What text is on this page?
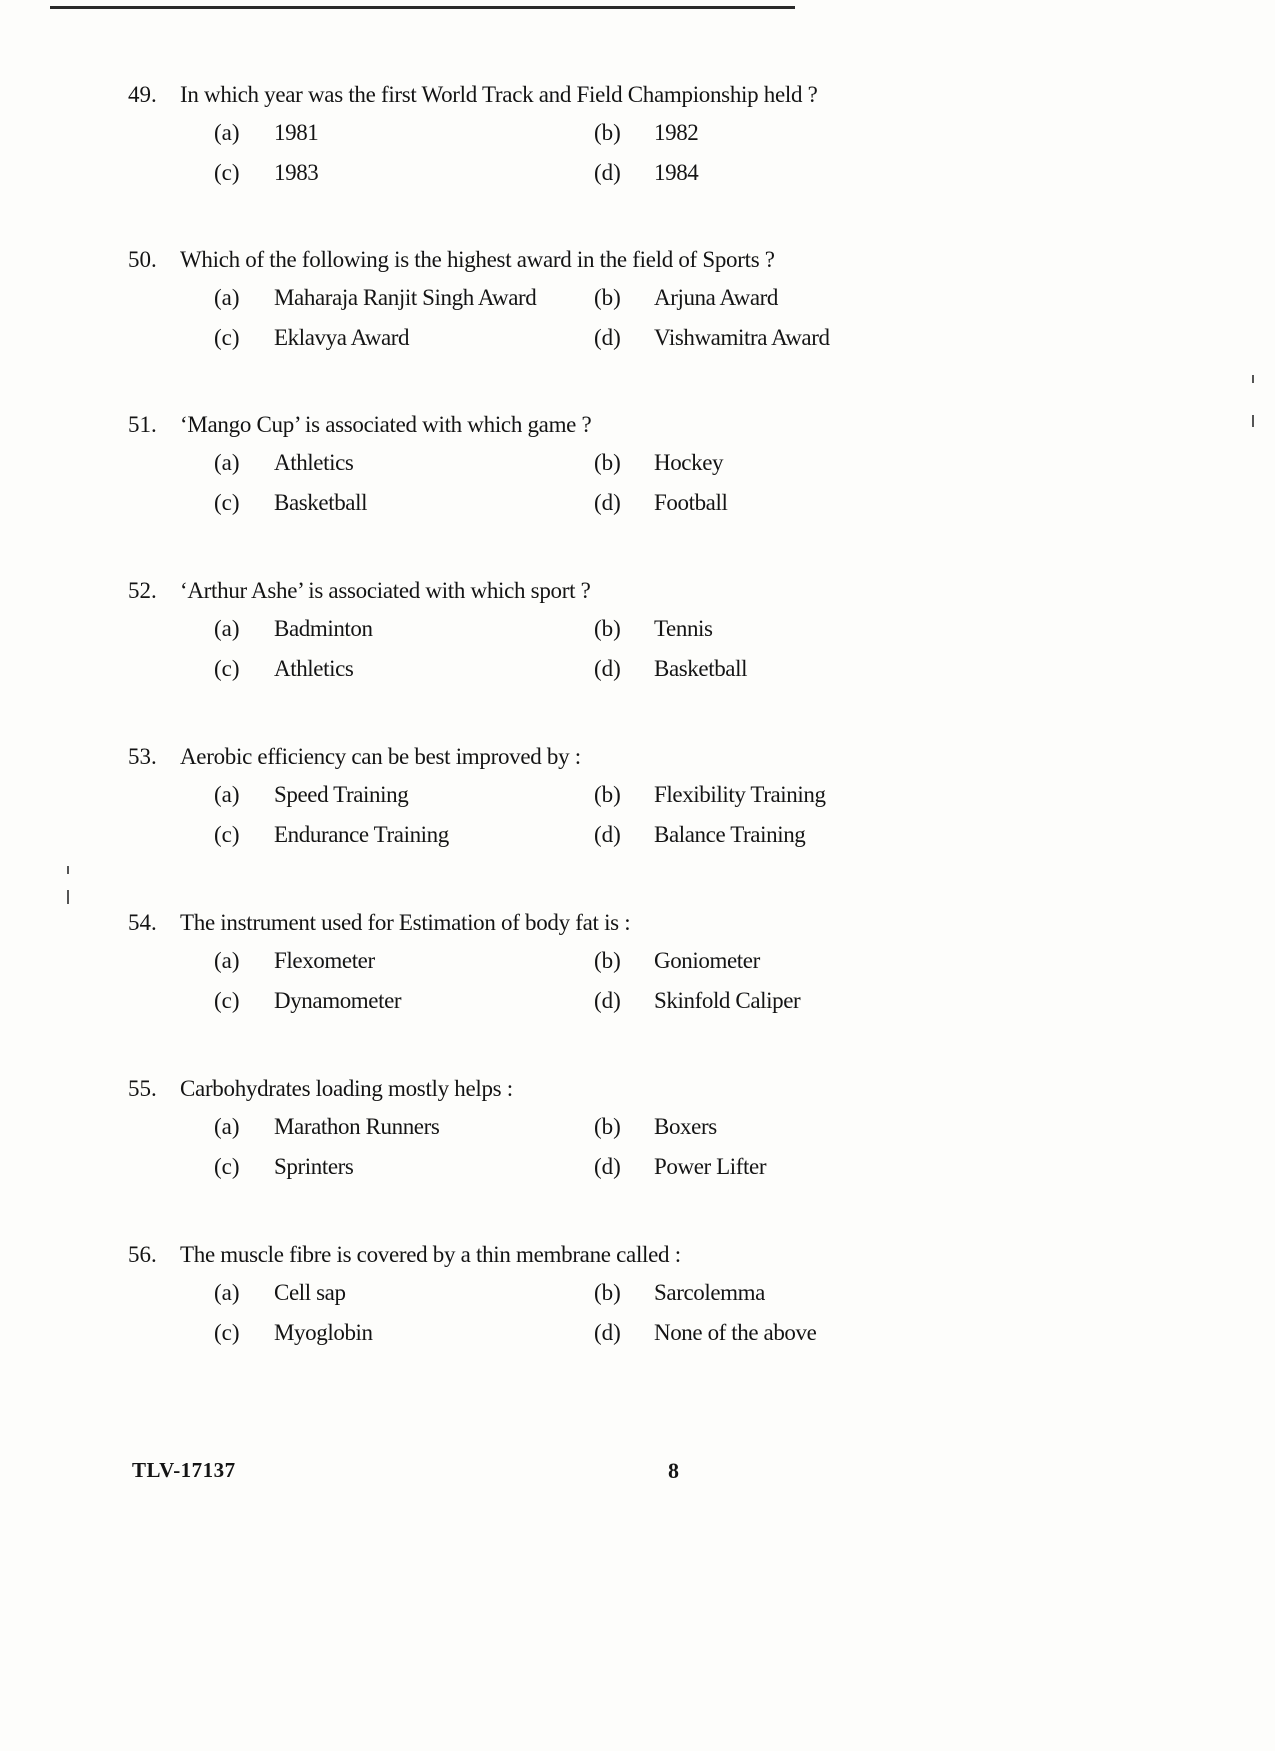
49.	In which year was the first World Track and Field Championship held ?
(a)	1981	(b)	1982
(c)	1983	(d)	1984
50.	Which of the following is the highest award in the field of Sports ?
(a)	Maharaja Ranjit Singh Award	(b)	Arjuna Award
(c)	Eklavya Award	(d)	Vishwamitra Award
51.	‘Mango Cup’ is associated with which game ?
(a)	Athletics	(b)	Hockey
(c)	Basketball	(d)	Football
52.	‘Arthur Ashe’ is associated with which sport ?
(a)	Badminton	(b)	Tennis
(c)	Athletics	(d)	Basketball
53.	Aerobic efficiency can be best improved by :
(a)	Speed Training	(b)	Flexibility Training
(c)	Endurance Training	(d)	Balance Training
54.	The instrument used for Estimation of body fat is :
(a)	Flexometer	(b)	Goniometer
(c)	Dynamometer	(d)	Skinfold Caliper
55.	Carbohydrates loading mostly helps :
(a)	Marathon Runners	(b)	Boxers
(c)	Sprinters	(d)	Power Lifter
56.	The muscle fibre is covered by a thin membrane called :
(a)	Cell sap	(b)	Sarcolemma
(c)	Myoglobin	(d)	None of the above
TLV-17137	8
